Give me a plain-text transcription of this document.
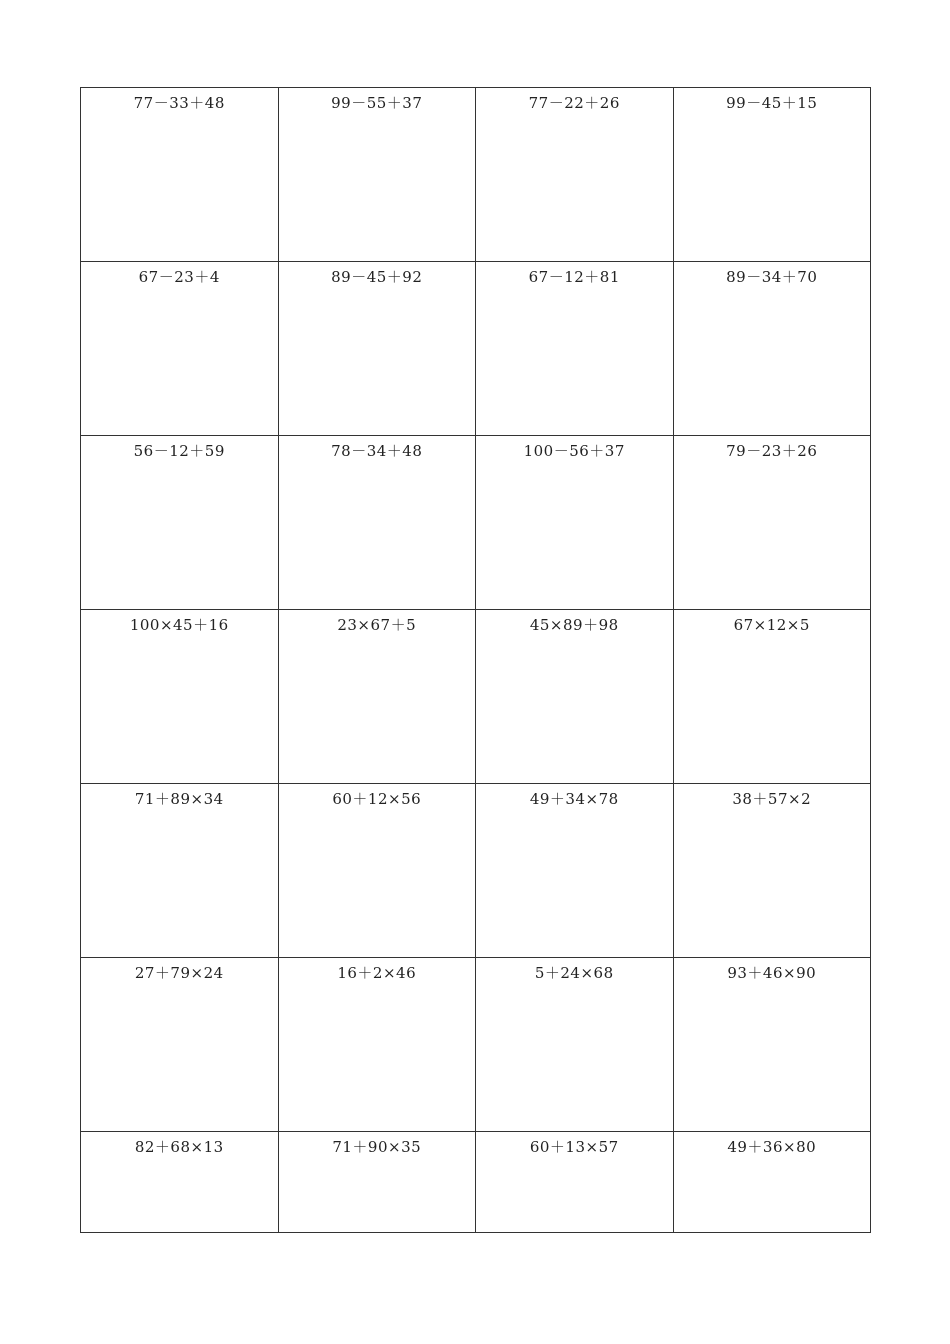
77－33＋48	99－55＋37	77－22＋26	99－45＋15

67－23＋4	89－45＋92	67－12＋81	89－34＋70

56－12＋59	78－34＋48	100－56＋37	79－23＋26

100×45＋16	23×67＋5	45×89＋98	67×12×5

71＋89×34	60＋12×56	49＋34×78	38＋57×2

27＋79×24	16＋2×46	5＋24×68	93＋46×90

82＋68×13	71＋90×35	60＋13×57	49＋36×80
